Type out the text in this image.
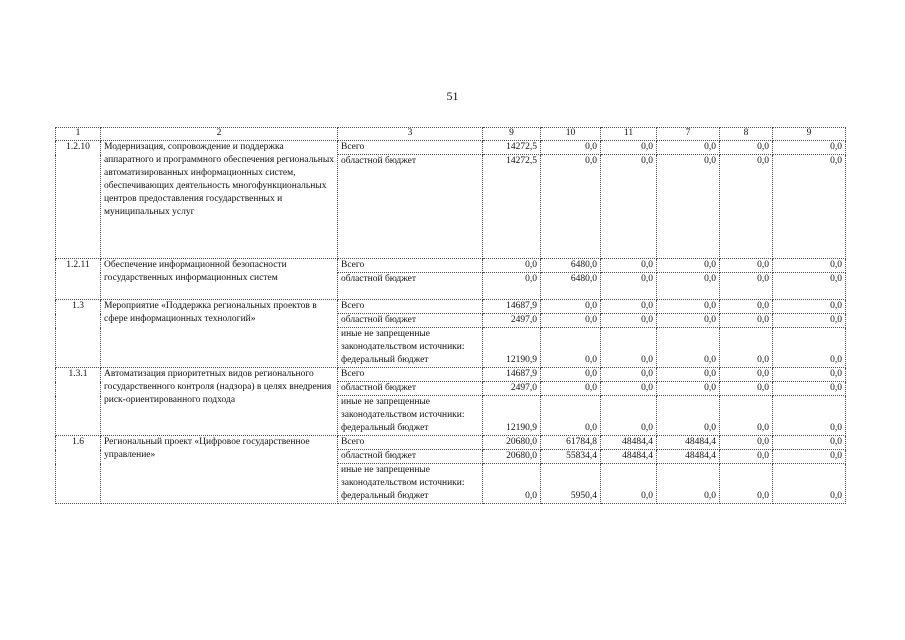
51
1	2	3	9	10	11	7	8	9
1.2.10	Модернизация, сопровождение и поддержка аппаратного и программного обеспечения региональных автоматизированных информационных систем, обеспечивающих деятельность многофункциональных центров предоставления государственных и муниципальных услуг	Всего	14272,5	0,0	0,0	0,0	0,0	0,0
		областной бюджет	14272,5	0,0	0,0	0,0	0,0	0,0
1.2.11	Обеспечение информационной безопасности государственных информационных систем	Всего	0,0	6480,0	0,0	0,0	0,0	0,0
		областной бюджет	0,0	6480,0	0,0	0,0	0,0	0,0
1.3	Мероприятие «Поддержка региональных проектов в сфере информационных технологий»	Всего	14687,9	0,0	0,0	0,0	0,0	0,0
		областной бюджет	2497,0	0,0	0,0	0,0	0,0	0,0
		иные не запрещенные законодательством источники: федеральный бюджет	12190,9	0,0	0,0	0,0	0,0	0,0
1.3.1	Автоматизация приоритетных видов регионального государственного контроля (надзора) в целях внедрения риск-ориентированного подхода	Всего	14687,9	0,0	0,0	0,0	0,0	0,0
		областной бюджет	2497,0	0,0	0,0	0,0	0,0	0,0
		иные не запрещенные законодательством источники: федеральный бюджет	12190,9	0,0	0,0	0,0	0,0	0,0
1.6	Региональный проект «Цифровое государственное управление»	Всего	20680,0	61784,8	48484,4	48484,4	0,0	0,0
		областной бюджет	20680,0	55834,4	48484,4	48484,4	0,0	0,0
		иные не запрещенные законодательством источники: федеральный бюджет	0,0	5950,4	0,0	0,0	0,0	0,0
